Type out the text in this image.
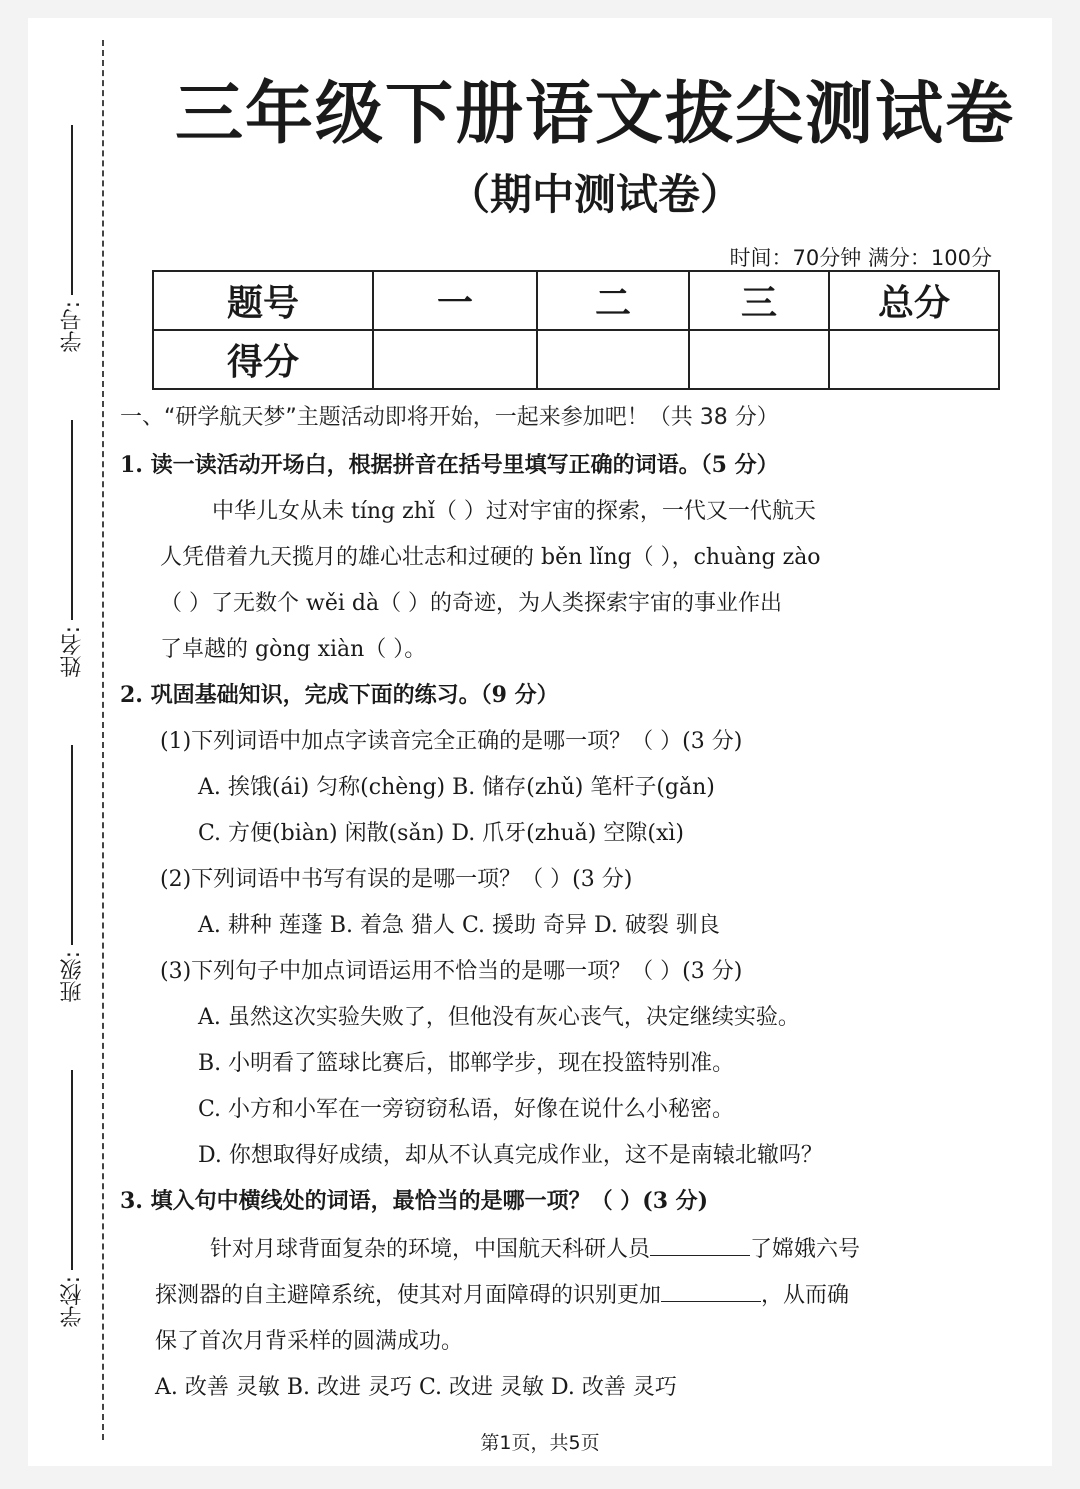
学号:
姓名:
班级:
学校:
三年级下册语文拔尖测试卷
（期中测试卷）
时间：70分钟 满分：100分
题号	一	二	三	总分
得分				
一、“研学航天梦”主题活动即将开始，一起来参加吧！（共 38 分）
1. 读一读活动开场白，根据拼音在括号里填写正确的词语。（5 分）
中华儿女从未 tíng zhǐ（ ）过对宇宙的探索，一代又一代航天
人凭借着九天揽月的雄心壮志和过硬的 běn lǐng（ ），chuàng zào
（ ）了无数个 wěi dà（ ）的奇迹，为人类探索宇宙的事业作出
了卓越的 gòng xiàn（ ）。
2. 巩固基础知识，完成下面的练习。（9 分）
(1)下列词语中加点字读音完全正确的是哪一项？（ ）(3 分)
A. 挨饿(ái) 匀称(chèng) B. 储存(zhǔ) 笔杆子(gǎn)
C. 方便(biàn) 闲散(sǎn) D. 爪牙(zhuǎ) 空隙(xì)
(2)下列词语中书写有误的是哪一项？（ ）(3 分)
A. 耕种 莲蓬 B. 着急 猎人 C. 援助 奇异 D. 破裂 驯良
(3)下列句子中加点词语运用不恰当的是哪一项？（ ）(3 分)
A. 虽然这次实验失败了，但他没有灰心丧气，决定继续实验。
B. 小明看了篮球比赛后，邯郸学步，现在投篮特别准。
C. 小方和小军在一旁窃窃私语，好像在说什么小秘密。
D. 你想取得好成绩，却从不认真完成作业，这不是南辕北辙吗？
3. 填入句中横线处的词语，最恰当的是哪一项？（ ）(3 分)
针对月球背面复杂的环境，中国航天科研人员	了嫦娥六号
探测器的自主避障系统，使其对月面障碍的识别更加	，从而确
保了首次月背采样的圆满成功。
A. 改善 灵敏 B. 改进 灵巧 C. 改进 灵敏 D. 改善 灵巧
第1页，共5页
